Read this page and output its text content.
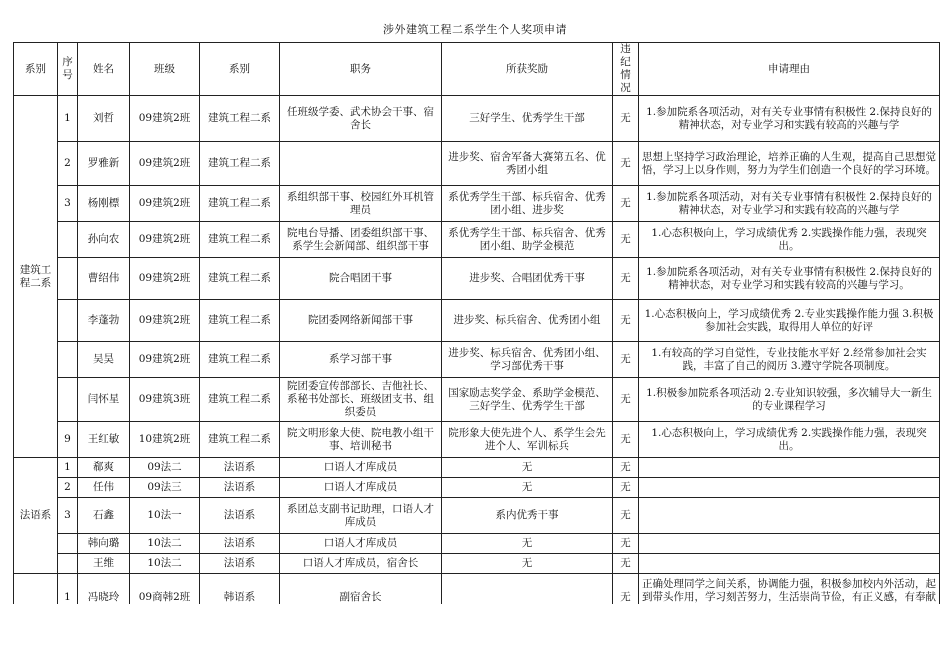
涉外建筑工程二系学生个人奖项申请
系别	序号	姓名	班级	系别	职务	所获奖励	违纪情况	申请理由
建筑工程二系	1	刘哲	09建筑2班	建筑工程二系	任班级学委、武术协会干事、宿舍长	三好学生、优秀学生干部	无	1.参加院系各项活动，对有关专业事情有积极性 2.保持良好的精神状态，对专业学习和实践有较高的兴趣与学
	2	罗雅新	09建筑2班	建筑工程二系		进步奖、宿舍军备大赛第五名、优秀团小组	无	思想上坚持学习政治理论，培养正确的人生观，提高自己思想觉悟，学习上以身作则，努力为学生们创造一个良好的学习环境。
	3	杨刚標	09建筑2班	建筑工程二系	系组织部干事、校园红外耳机管理员	系优秀学生干部、标兵宿舍、优秀团小组、进步奖	无	1.参加院系各项活动，对有关专业事情有积极性 2.保持良好的精神状态，对专业学习和实践有较高的兴趣与学
		孙向农	09建筑2班	建筑工程二系	院电台导播、团委组织部干事、系学生会新闻部、组织部干事	系优秀学生干部、标兵宿舍、优秀团小组、助学金模范	无	1.心态积极向上，学习成绩优秀 2.实践操作能力强，表现突出。
		曹绍伟	09建筑2班	建筑工程二系	院合唱团干事	进步奖、合唱团优秀干事	无	1.参加院系各项活动，对有关专业事情有积极性 2.保持良好的精神状态，对专业学习和实践有较高的兴趣与学习。
		李蓬勃	09建筑2班	建筑工程二系	院团委网络新闻部干事	进步奖、标兵宿舍、优秀团小组	无	1.心态积极向上，学习成绩优秀 2.专业实践操作能力强 3.积极参加社会实践，取得用人单位的好评
		吴昊	09建筑2班	建筑工程二系	系学习部干事	进步奖、标兵宿舍、优秀团小组、学习部优秀干事	无	1.有较高的学习自觉性，专业技能水平好 2.经常参加社会实践，丰富了自己的阅历 3.遵守学院各项制度。
		闫怀星	09建筑3班	建筑工程二系	院团委宣传部部长、吉他社长、系秘书处部长、班级团支书、组织委员	国家励志奖学金、系助学金模范、三好学生、优秀学生干部	无	1.积极参加院系各项活动 2.专业知识较强，多次辅导大一新生的专业课程学习
	9	王红敏	10建筑2班	建筑工程二系	院文明形象大使、院电教小组干事、培训秘书	院形象大使先进个人、系学生会先进个人、军训标兵	无	1.心态积极向上，学习成绩优秀 2.实践操作能力强，表现突出。
法语系	1	郗爽	09法二	法语系	口语人才库成员	无	无	
	2	任伟	09法三	法语系	口语人才库成员	无	无	
	3	石鑫	10法一	法语系	系团总支副书记助理，口语人才库成员	系内优秀干事	无	
		韩向璐	10法二	法语系	口语人才库成员	无	无	
		王维	10法二	法语系	口语人才库成员，宿舍长	无	无	
	1	冯晓玲	09商韩2班	韩语系	副宿舍长		无	正确处理同学之间关系，协调能力强，积极参加校内外活动，起到带头作用，学习刻苦努力，生活崇尚节俭，有正义感，有奉献
